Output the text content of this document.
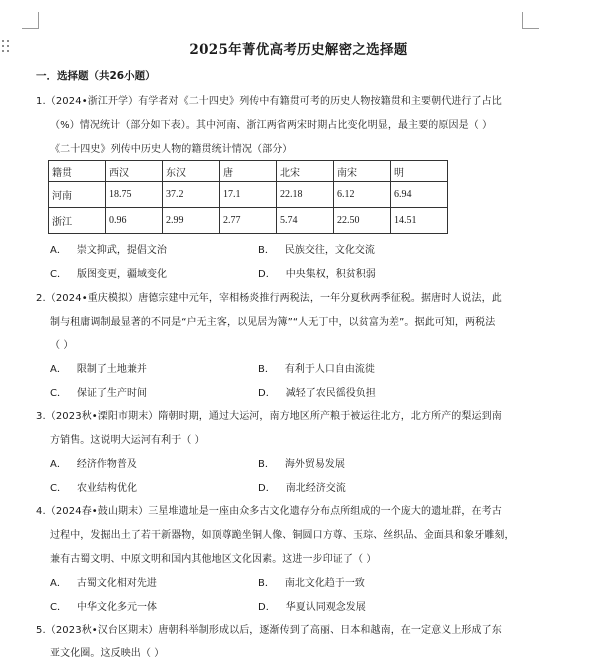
2025年菁优高考历史解密之选择题
一．选择题（共26小题）
1.（2024•浙江开学）有学者对《二十四史》列传中有籍贯可考的历史人物按籍贯和主要朝代进行了占比
（%）情况统计（部分如下表）。其中河南、浙江两省两宋时期占比变化明显，最主要的原因是（ ）
《二十四史》列传中历史人物的籍贯统计情况（部分）
籍贯	西汉	东汉	唐	北宋	南宋	明
河南	18.75	37.2	17.1	22.18	6.12	6.94
浙江	0.96	2.99	2.77	5.74	22.50	14.51
A． 崇文抑武，提倡文治	B． 民族交往，文化交流
C． 版图变更，疆域变化	D． 中央集权，积贫积弱
2.（2024•重庆模拟）唐德宗建中元年，宰相杨炎推行两税法，一年分夏秋两季征税。据唐时人说法，此
制与租庸调制最显著的不同是“户无主客，以见居为簿”“人无丁中，以贫富为差”。据此可知，两税法
（ ）
A． 限制了土地兼并	B． 有利于人口自由流徙
C． 保证了生产时间	D． 减轻了农民徭役负担
3.（2023秋•溧阳市期末）隋朝时期，通过大运河，南方地区所产粮于被运往北方，北方所产的梨运到南
方销售。这说明大运河有利于（ ）
A． 经济作物普及	B． 海外贸易发展
C． 农业结构优化	D． 南北经济交流
4.（2024春•鼓山期末）三星堆遗址是一座由众多古文化遗存分布点所组成的一个庞大的遗址群，在考古
过程中，发掘出土了若干新器物，如顶尊跪坐铜人像、铜圆口方尊、玉琮、丝织品、金面具和象牙雕刻，
兼有古蜀文明、中原文明和国内其他地区文化因素。这进一步印证了（ ）
A． 古蜀文化相对先进	B． 南北文化趋于一致
C． 中华文化多元一体	D． 华夏认同观念发展
5.（2023秋•汉台区期末）唐朝科举制形成以后，逐渐传到了高丽、日本和越南，在一定意义上形成了东
亚文化圈。这反映出（ ）
